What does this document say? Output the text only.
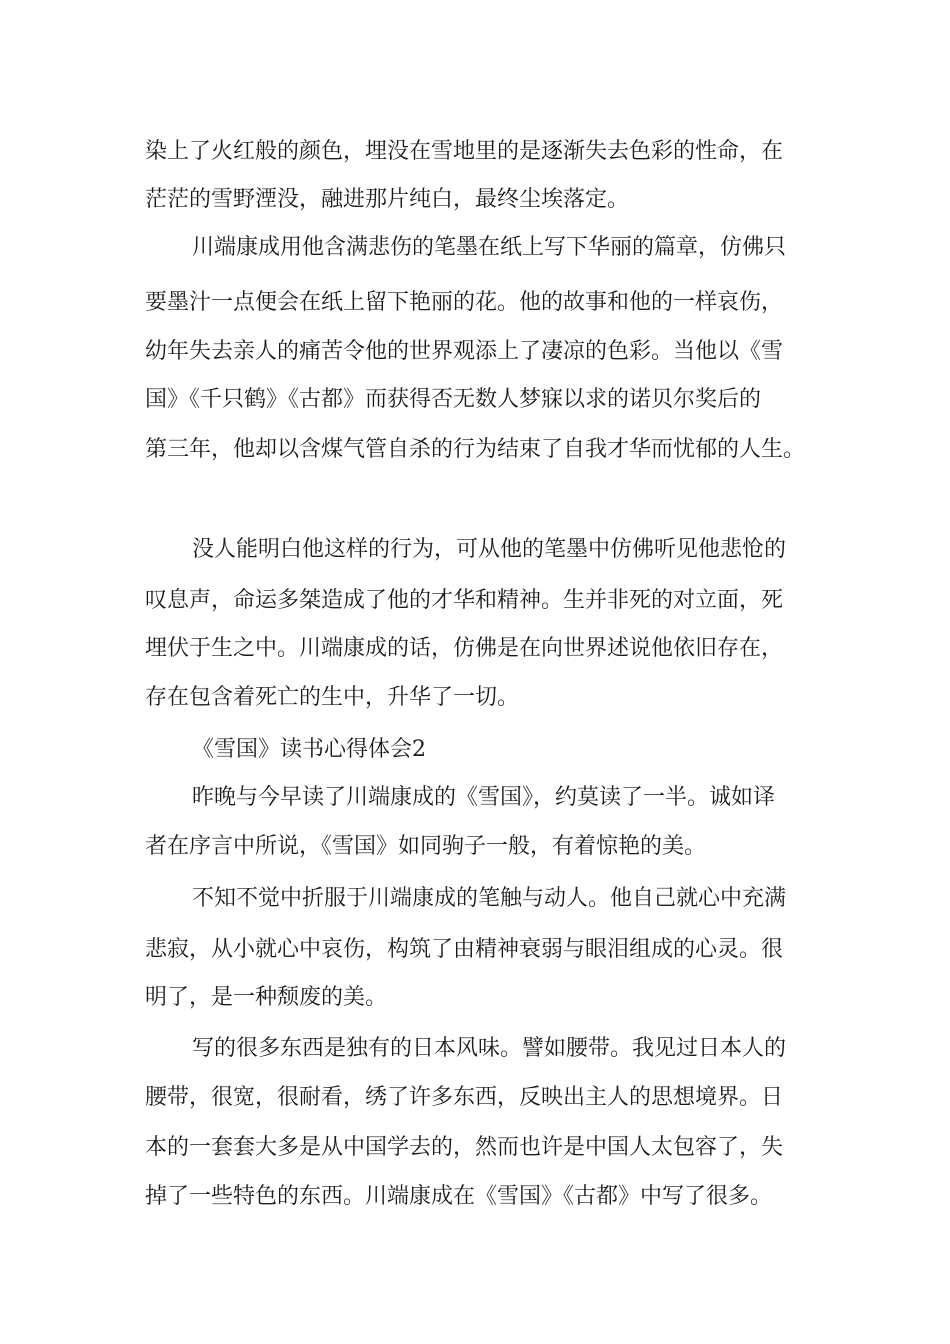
染上了火红般的颜色，埋没在雪地里的是逐渐失去色彩的性命，在
茫茫的雪野湮没，融进那片纯白，最终尘埃落定。
川端康成用他含满悲伤的笔墨在纸上写下华丽的篇章，仿佛只
要墨汁一点便会在纸上留下艳丽的花。他的故事和他的一样哀伤，
幼年失去亲人的痛苦令他的世界观添上了凄凉的色彩。当他以《雪
国》《千只鹤》《古都》而获得否无数人梦寐以求的诺贝尔奖后的
第三年，他却以含煤气管自杀的行为结束了自我才华而忧郁的人生。
没人能明白他这样的行为，可从他的笔墨中仿佛听见他悲怆的
叹息声，命运多桀造成了他的才华和精神。生并非死的对立面，死
埋伏于生之中。川端康成的话，仿佛是在向世界述说他依旧存在，
存在包含着死亡的生中，升华了一切。
《雪国》读书心得体会2
昨晚与今早读了川端康成的《雪国》，约莫读了一半。诚如译
者在序言中所说，《雪国》如同驹子一般，有着惊艳的美。
不知不觉中折服于川端康成的笔触与动人。他自己就心中充满
悲寂，从小就心中哀伤，构筑了由精神衰弱与眼泪组成的心灵。很
明了，是一种颓废的美。
写的很多东西是独有的日本风味。譬如腰带。我见过日本人的
腰带，很宽，很耐看，绣了许多东西，反映出主人的思想境界。日
本的一套套大多是从中国学去的，然而也许是中国人太包容了，失
掉了一些特色的东西。川端康成在《雪国》《古都》中写了很多。
